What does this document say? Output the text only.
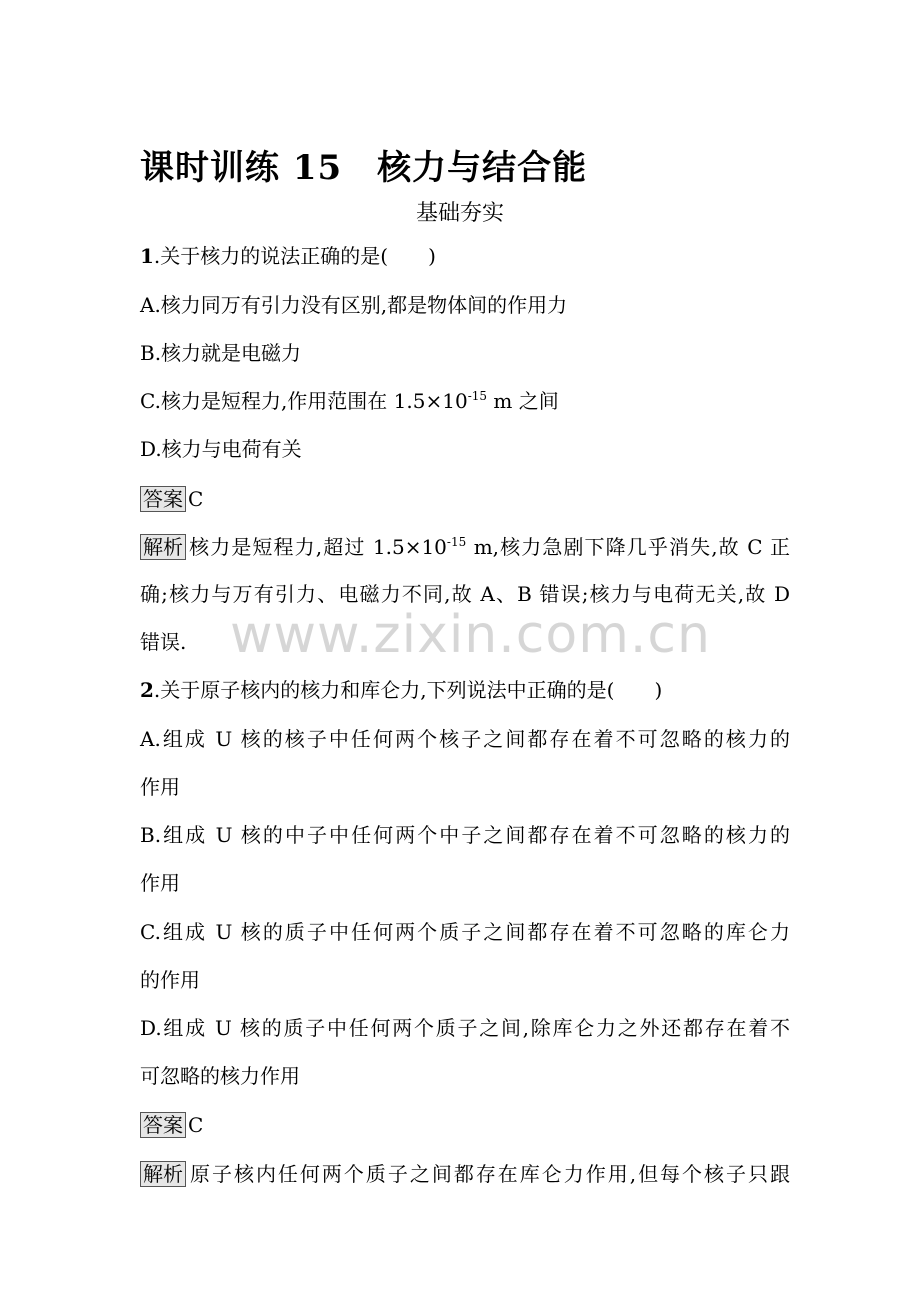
课时训练 15　核力与结合能
基础夯实
1.关于核力的说法正确的是(　　)
A.核力同万有引力没有区别,都是物体间的作用力
B.核力就是电磁力
C.核力是短程力,作用范围在 $1.5\times 10^{-15}$ m 之间
D.核力与电荷有关
答案 C
解析 核力是短程力,超过 $1.5\times 10^{-15}$ m,核力急剧下降几乎消失,故 C 正
确;核力与万有引力、电磁力不同,故 A、B 错误;核力与电荷无关,故 D
错误.
2.关于原子核内的核力和库仑力,下列说法中正确的是(　　)
A.组成 U 核的核子中任何两个核子之间都存在着不可忽略的核力的
作用
B.组成 U 核的中子中任何两个中子之间都存在着不可忽略的核力的
作用
C.组成 U 核的质子中任何两个质子之间都存在着不可忽略的库仑力
的作用
D.组成 U 核的质子中任何两个质子之间,除库仑力之外还都存在着不
可忽略的核力作用
答案 C
解析 原子核内任何两个质子之间都存在库仑力作用,但每个核子只跟
www.zixin.com.cn
